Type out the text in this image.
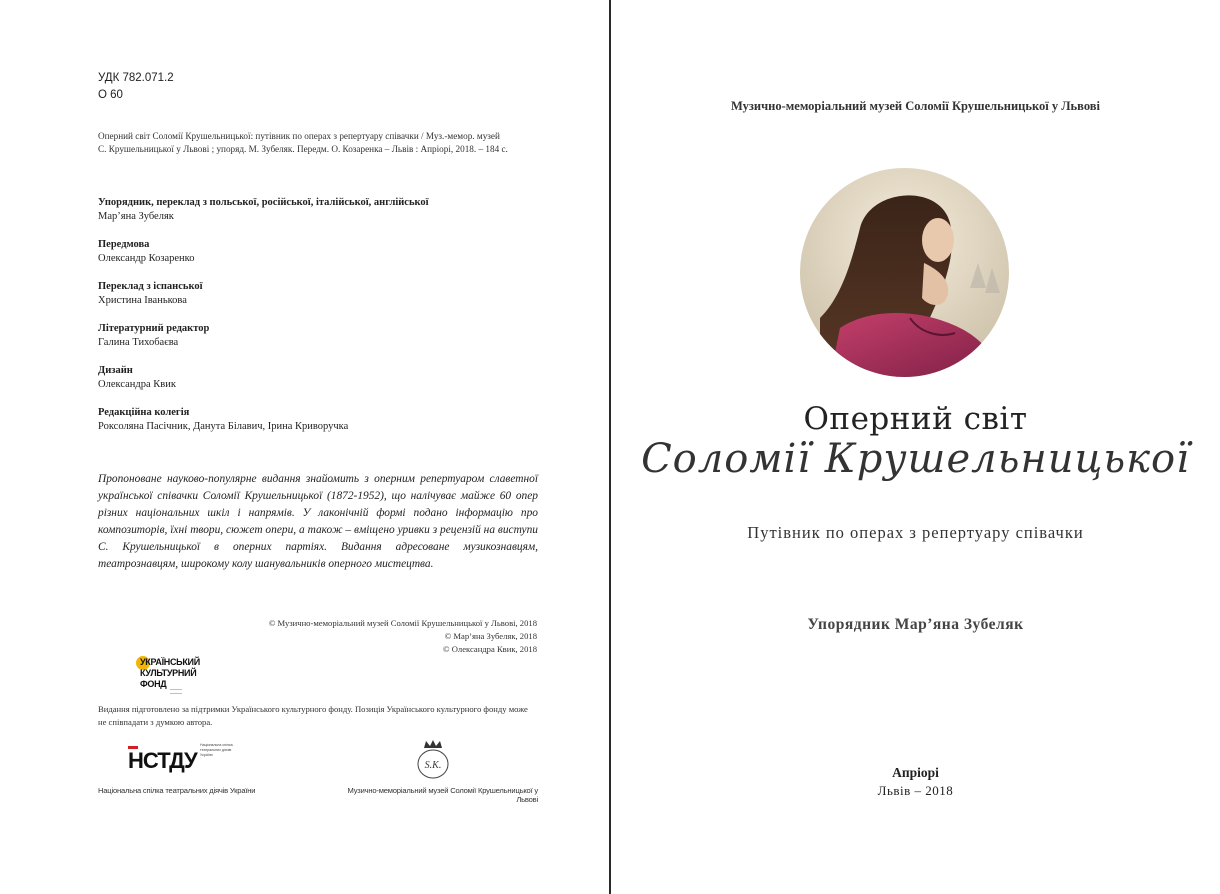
УДК 782.071.2
О 60
Оперний світ Соломії Крушельницької: путівник по операх з репертуару співачки / Муз.-мемор. музей
С. Крушельницької у Львові ; упоряд. М. Зубеляк. Передм. О. Козаренка – Львів : Апріорі, 2018. – 184 с.
Упорядник, переклад з польської, російської, італійської, англійської
Мар’яна Зубеляк
Передмова
Олександр Козаренко
Переклад з іспанської
Христина Іванькова
Літературний редактор
Галина Тихобаєва
Дизайн
Олександра Квик
Редакційна колегія
Роксоляна Пасічник, Данута Білавич, Ірина Криворучка
Пропоноване науково-популярне видання знайомить з оперним репертуаром славетної української співачки Соломії Крушельницької (1872-1952), що налічуває майже 60 опер різних національних шкіл і напрямів. У лаконічній формі подано інформацію про композиторів, їхні твори, сюжет опери, а також – вміщено уривки з рецензій на виступи С. Крушельницької в оперних партіях. Видання адресоване музикознавцям, театрознавцям, широкому колу шанувальників оперного мистецтва.
© Музично-меморіальний музей Соломії Крушельницької у Львові, 2018
© Мар’яна Зубеляк, 2018
© Олександра Квик, 2018
УКРАЇНСЬКИЙ
КУЛЬТУРНИЙ
ФОНД
Видання підготовлено за підтримки Українського культурного фонду. Позиція Українського культурного фонду може не співпадати з думкою автора.
НСТДУ
Національна спілка театральних діячів України
Національна спілка театральних діячів України
S.K.
Музично-меморіальний музей Соломії Крушельницької у Львові
Музично-меморіальний музей Соломії Крушельницької у Львові
Оперний світ
Соломії Крушельницької
Путівник по операх з репертуару співачки
Упорядник Мар’яна Зубеляк
Апріорі
Львів – 2018
